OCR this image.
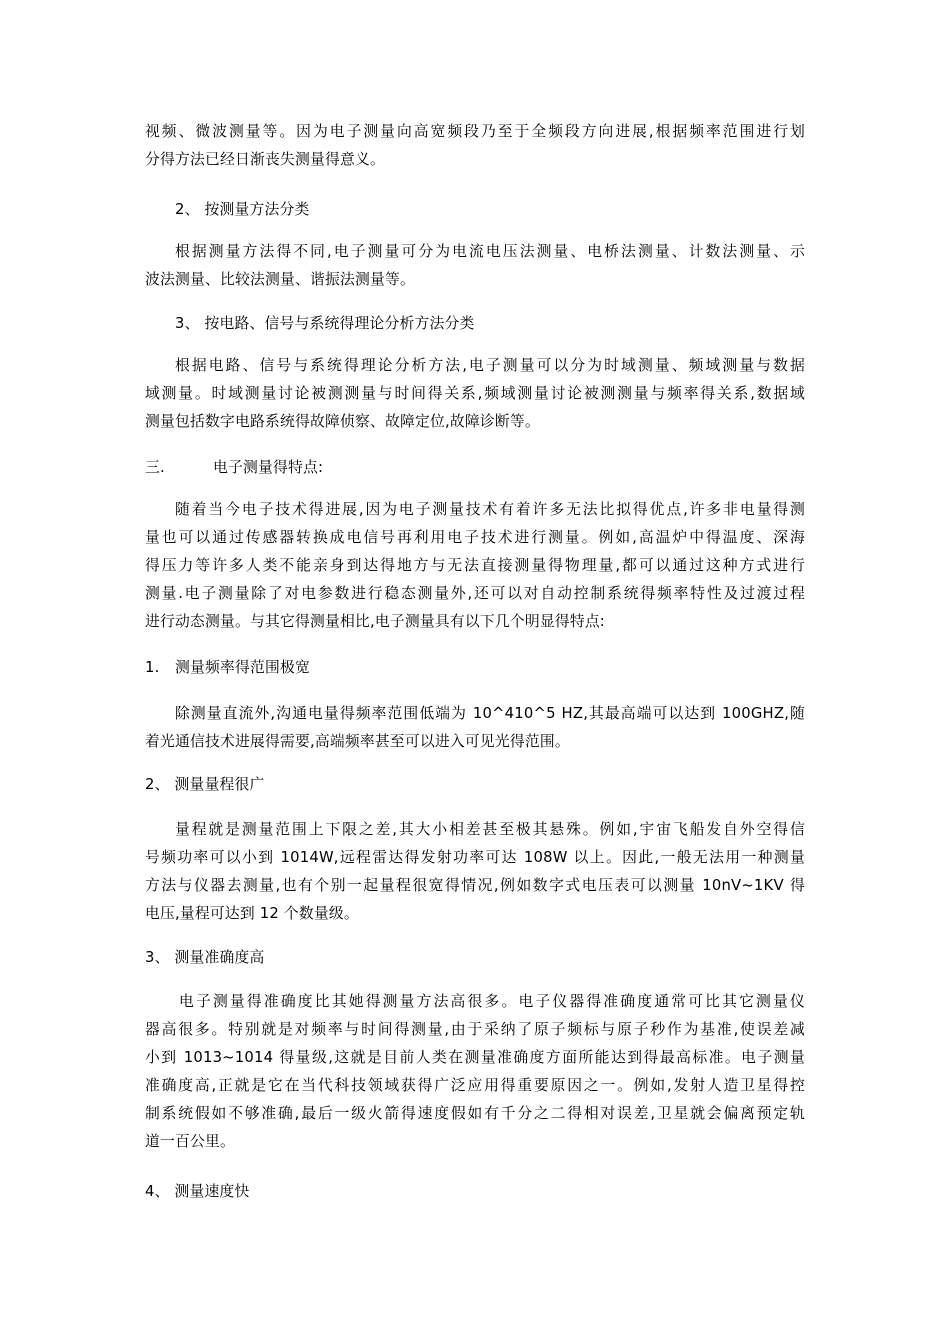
视频、微波测量等。因为电子测量向高宽频段乃至于全频段方向进展,根据频率范围进行划
分得方法已经日渐丧失测量得意义。
2、 按测量方法分类
根据测量方法得不同,电子测量可分为电流电压法测量、电桥法测量、计数法测量、示
波法测量、比较法测量、谐振法测量等。
3、 按电路、信号与系统得理论分析方法分类
根据电路、信号与系统得理论分析方法,电子测量可以分为时域测量、频域测量与数据
域测量。时域测量讨论被测测量与时间得关系,频域测量讨论被测测量与频率得关系,数据域
测量包括数字电路系统得故障侦察、故障定位,故障诊断等。
三.	电子测量得特点:
随着当今电子技术得进展,因为电子测量技术有着许多无法比拟得优点,许多非电量得测
量也可以通过传感器转换成电信号再利用电子技术进行测量。例如,高温炉中得温度、深海
得压力等许多人类不能亲身到达得地方与无法直接测量得物理量,都可以通过这种方式进行
测量.电子测量除了对电参数进行稳态测量外,还可以对自动控制系统得频率特性及过渡过程
进行动态测量。与其它得测量相比,电子测量具有以下几个明显得特点:
1. 测量频率得范围极宽
除测量直流外,沟通电量得频率范围低端为 10^410^5 HZ,其最高端可以达到 100GHZ,随
着光通信技术进展得需要,高端频率甚至可以进入可见光得范围。
2、 测量量程很广
量程就是测量范围上下限之差,其大小相差甚至极其悬殊。例如,宇宙飞船发自外空得信
号频功率可以小到 1014W,远程雷达得发射功率可达 108W 以上。因此,一般无法用一种测量
方法与仪器去测量,也有个别一起量程很宽得情况,例如数字式电压表可以测量 10nV~1KV 得
电压,量程可达到 12 个数量级。
3、 测量准确度高
电子测量得准确度比其她得测量方法高很多。电子仪器得准确度通常可比其它测量仪
器高很多。特别就是对频率与时间得测量,由于采纳了原子频标与原子秒作为基准,使误差减
小到 1013~1014 得量级,这就是目前人类在测量准确度方面所能达到得最高标准。电子测量
准确度高,正就是它在当代科技领域获得广泛应用得重要原因之一。例如,发射人造卫星得控
制系统假如不够准确,最后一级火箭得速度假如有千分之二得相对误差,卫星就会偏离预定轨
道一百公里。
4、 测量速度快
